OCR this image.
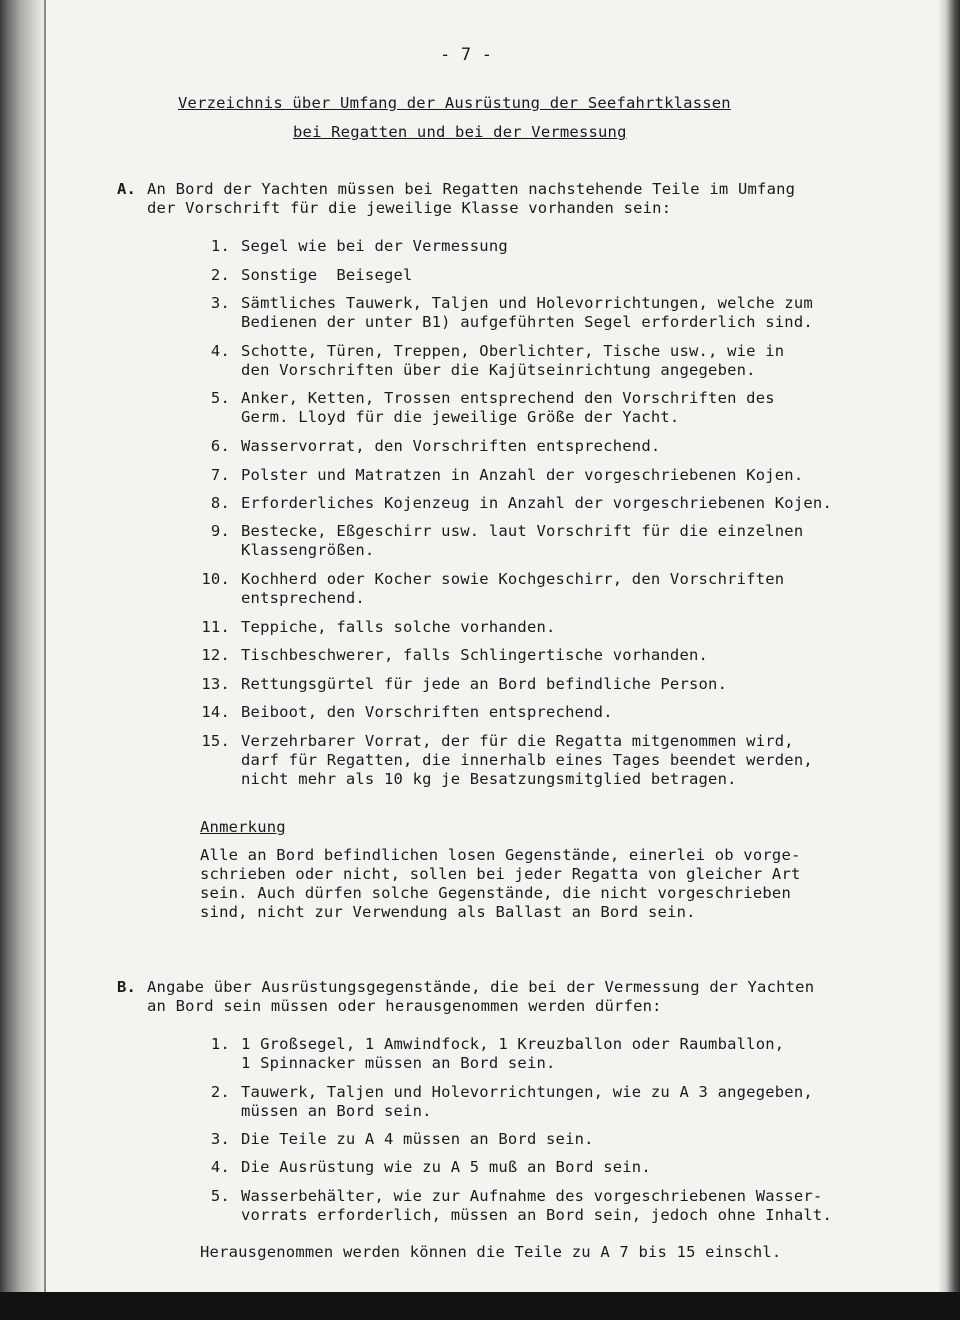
- 7 -
Verzeichnis über Umfang der Ausrüstung der Seefahrtklassen
bei Regatten und bei der Vermessung
A. An Bord der Yachten müssen bei Regatten nachstehende Teile im Umfang
der Vorschrift für die jeweilige Klasse vorhanden sein:
1. Segel wie bei der Vermessung
2. Sonstige  Beisegel
3. Sämtliches Tauwerk, Taljen und Holevorrichtungen, welche zum
Bedienen der unter B1) aufgeführten Segel erforderlich sind.
4. Schotte, Türen, Treppen, Oberlichter, Tische usw., wie in
den Vorschriften über die Kajütseinrichtung angegeben.
5. Anker, Ketten, Trossen entsprechend den Vorschriften des
Germ. Lloyd für die jeweilige Größe der Yacht.
6. Wasservorrat, den Vorschriften entsprechend.
7. Polster und Matratzen in Anzahl der vorgeschriebenen Kojen.
8. Erforderliches Kojenzeug in Anzahl der vorgeschriebenen Kojen.
9. Bestecke, Eßgeschirr usw. laut Vorschrift für die einzelnen
Klassengrößen.
10. Kochherd oder Kocher sowie Kochgeschirr, den Vorschriften
entsprechend.
11. Teppiche, falls solche vorhanden.
12. Tischbeschwerer, falls Schlingertische vorhanden.
13. Rettungsgürtel für jede an Bord befindliche Person.
14. Beiboot, den Vorschriften entsprechend.
15. Verzehrbarer Vorrat, der für die Regatta mitgenommen wird,
darf für Regatten, die innerhalb eines Tages beendet werden,
nicht mehr als 10 kg je Besatzungsmitglied betragen.
Anmerkung
Alle an Bord befindlichen losen Gegenstände, einerlei ob vorge-
schrieben oder nicht, sollen bei jeder Regatta von gleicher Art
sein. Auch dürfen solche Gegenstände, die nicht vorgeschrieben
sind, nicht zur Verwendung als Ballast an Bord sein.
B. Angabe über Ausrüstungsgegenstände, die bei der Vermessung der Yachten
an Bord sein müssen oder herausgenommen werden dürfen:
1. 1 Großsegel, 1 Amwindfock, 1 Kreuzballon oder Raumballon,
1 Spinnacker müssen an Bord sein.
2. Tauwerk, Taljen und Holevorrichtungen, wie zu A 3 angegeben,
müssen an Bord sein.
3. Die Teile zu A 4 müssen an Bord sein.
4. Die Ausrüstung wie zu A 5 muß an Bord sein.
5. Wasserbehälter, wie zur Aufnahme des vorgeschriebenen Wasser-
vorrats erforderlich, müssen an Bord sein, jedoch ohne Inhalt.
Herausgenommen werden können die Teile zu A 7 bis 15 einschl.
